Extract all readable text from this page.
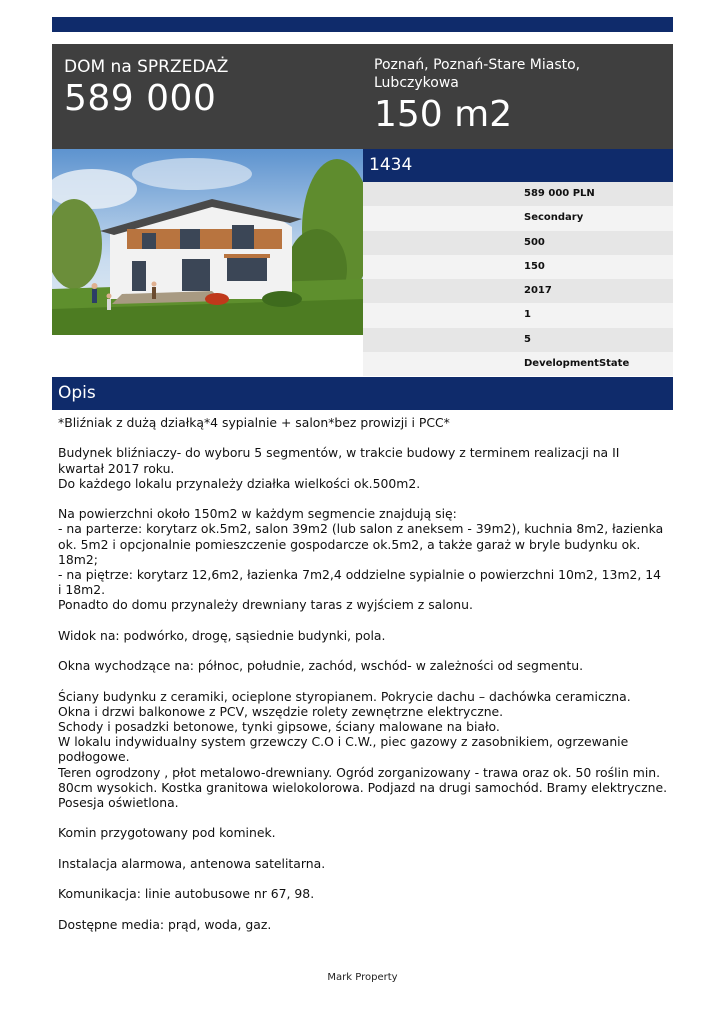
DOM na SPRZEDAŻ
589 000
Poznań, Poznań-Stare Miasto, Lubczykowa
150 m2
1434
589 000 PLN
Secondary
500
150
2017
1
5
DevelopmentState
Opis

*Bliźniak z dużą działką*4 sypialnie + salon*bez prowizji i PCC*

Budynek bliźniaczy- do wyboru 5 segmentów, w trakcie budowy z terminem realizacji na II kwartał 2017 roku.
Do każdego lokalu przynależy działka wielkości ok.500m2.

Na powierzchni około 150m2 w każdym segmencie znajdują się:
- na parterze: korytarz ok.5m2, salon 39m2 (lub salon z aneksem - 39m2), kuchnia 8m2, łazienka ok. 5m2 i opcjonalnie pomieszczenie gospodarcze ok.5m2, a także garaż w bryle budynku ok. 18m2;
- na piętrze: korytarz 12,6m2, łazienka 7m2,4 oddzielne sypialnie o powierzchni 10m2, 13m2, 14 i 18m2.
Ponadto do domu przynależy drewniany taras z wyjściem z salonu.

Widok na: podwórko, drogę, sąsiednie budynki, pola.

Okna wychodzące na: północ, południe, zachód, wschód- w zależności od segmentu.

Ściany budynku z ceramiki, ocieplone styropianem. Pokrycie dachu – dachówka ceramiczna.
Okna i drzwi balkonowe z PCV, wszędzie rolety zewnętrzne elektryczne.
Schody i posadzki betonowe, tynki gipsowe, ściany malowane na biało.
W lokalu indywidualny system grzewczy C.O i C.W., piec gazowy z zasobnikiem, ogrzewanie podłogowe.
Teren ogrodzony , płot metalowo-drewniany. Ogród zorganizowany - trawa oraz ok. 50 roślin min. 80cm wysokich. Kostka granitowa wielokolorowa. Podjazd na drugi samochód. Bramy elektryczne.
Posesja oświetlona.

Komin przygotowany pod kominek.

Instalacja alarmowa, antenowa satelitarna.

Komunikacja: linie autobusowe nr 67, 98.

Dostępne media: prąd, woda, gaz.

Mark Property
